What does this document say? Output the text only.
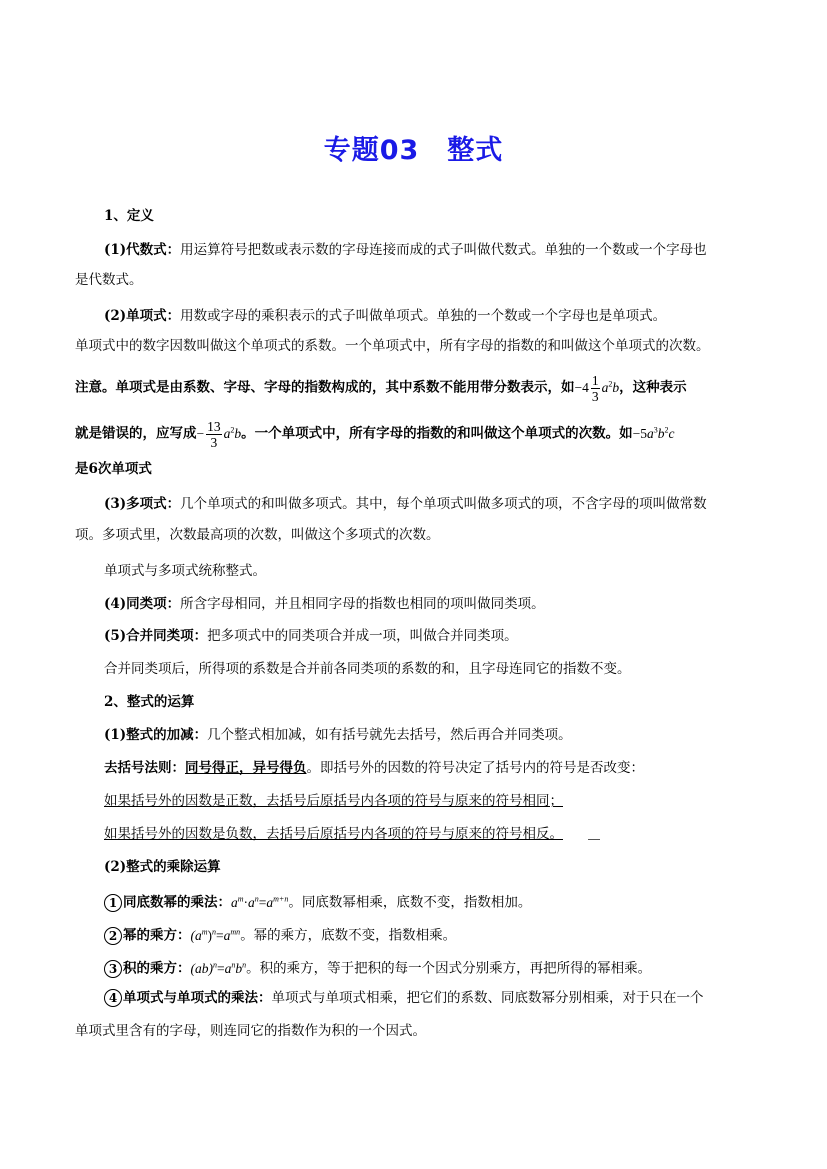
专题03　整式
1、定义
(1)代数式：用运算符号把数或表示数的字母连接而成的式子叫做代数式。单独的一个数或一个字母也
是代数式。
(2)单项式：用数或字母的乘积表示的式子叫做单项式。单独的一个数或一个字母也是单项式。
单项式中的数字因数叫做这个单项式的系数。一个单项式中，所有字母的指数的和叫做这个单项式的次数。
注意。单项式是由系数、字母、字母的指数构成的，其中系数不能用带分数表示，如$-4 \frac{1}{3} a^2b$，这种表示
就是错误的，应写成− $\frac{13}{3} a^2b$。一个单项式中，所有字母的指数的和叫做这个单项式的次数。如$-5a^3b^2c$
是6次单项式
(3)多项式：几个单项式的和叫做多项式。其中，每个单项式叫做多项式的项，不含字母的项叫做常数
项。多项式里，次数最高项的次数，叫做这个多项式的次数。
单项式与多项式统称整式。
(4)同类项：所含字母相同，并且相同字母的指数也相同的项叫做同类项。
(5)合并同类项：把多项式中的同类项合并成一项，叫做合并同类项。
合并同类项后，所得项的系数是合并前各同类项的系数的和，且字母连同它的指数不变。
2、整式的运算
(1)整式的加减：几个整式相加减，如有括号就先去括号，然后再合并同类项。
去括号法则：同号得正，异号得负。即括号外的因数的符号决定了括号内的符号是否改变：
如果括号外的因数是正数，去括号后原括号内各项的符号与原来的符号相同；
如果括号外的因数是负数，去括号后原括号内各项的符号与原来的符号相反。
(2)整式的乘除运算
1 同底数幂的乘法：$a^m\cdot a^n=a^{m+n}$。同底数幂相乘，底数不变，指数相加。
2 幂的乘方：$(a^m)^n=a^{mn}$。幂的乘方，底数不变，指数相乘。
3 积的乘方：$(ab)^n=a^nb^n$。积的乘方，等于把积的每一个因式分别乘方，再把所得的幂相乘。
4 单项式与单项式的乘法：单项式与单项式相乘，把它们的系数、同底数幂分别相乘，对于只在一个
单项式里含有的字母，则连同它的指数作为积的一个因式。
